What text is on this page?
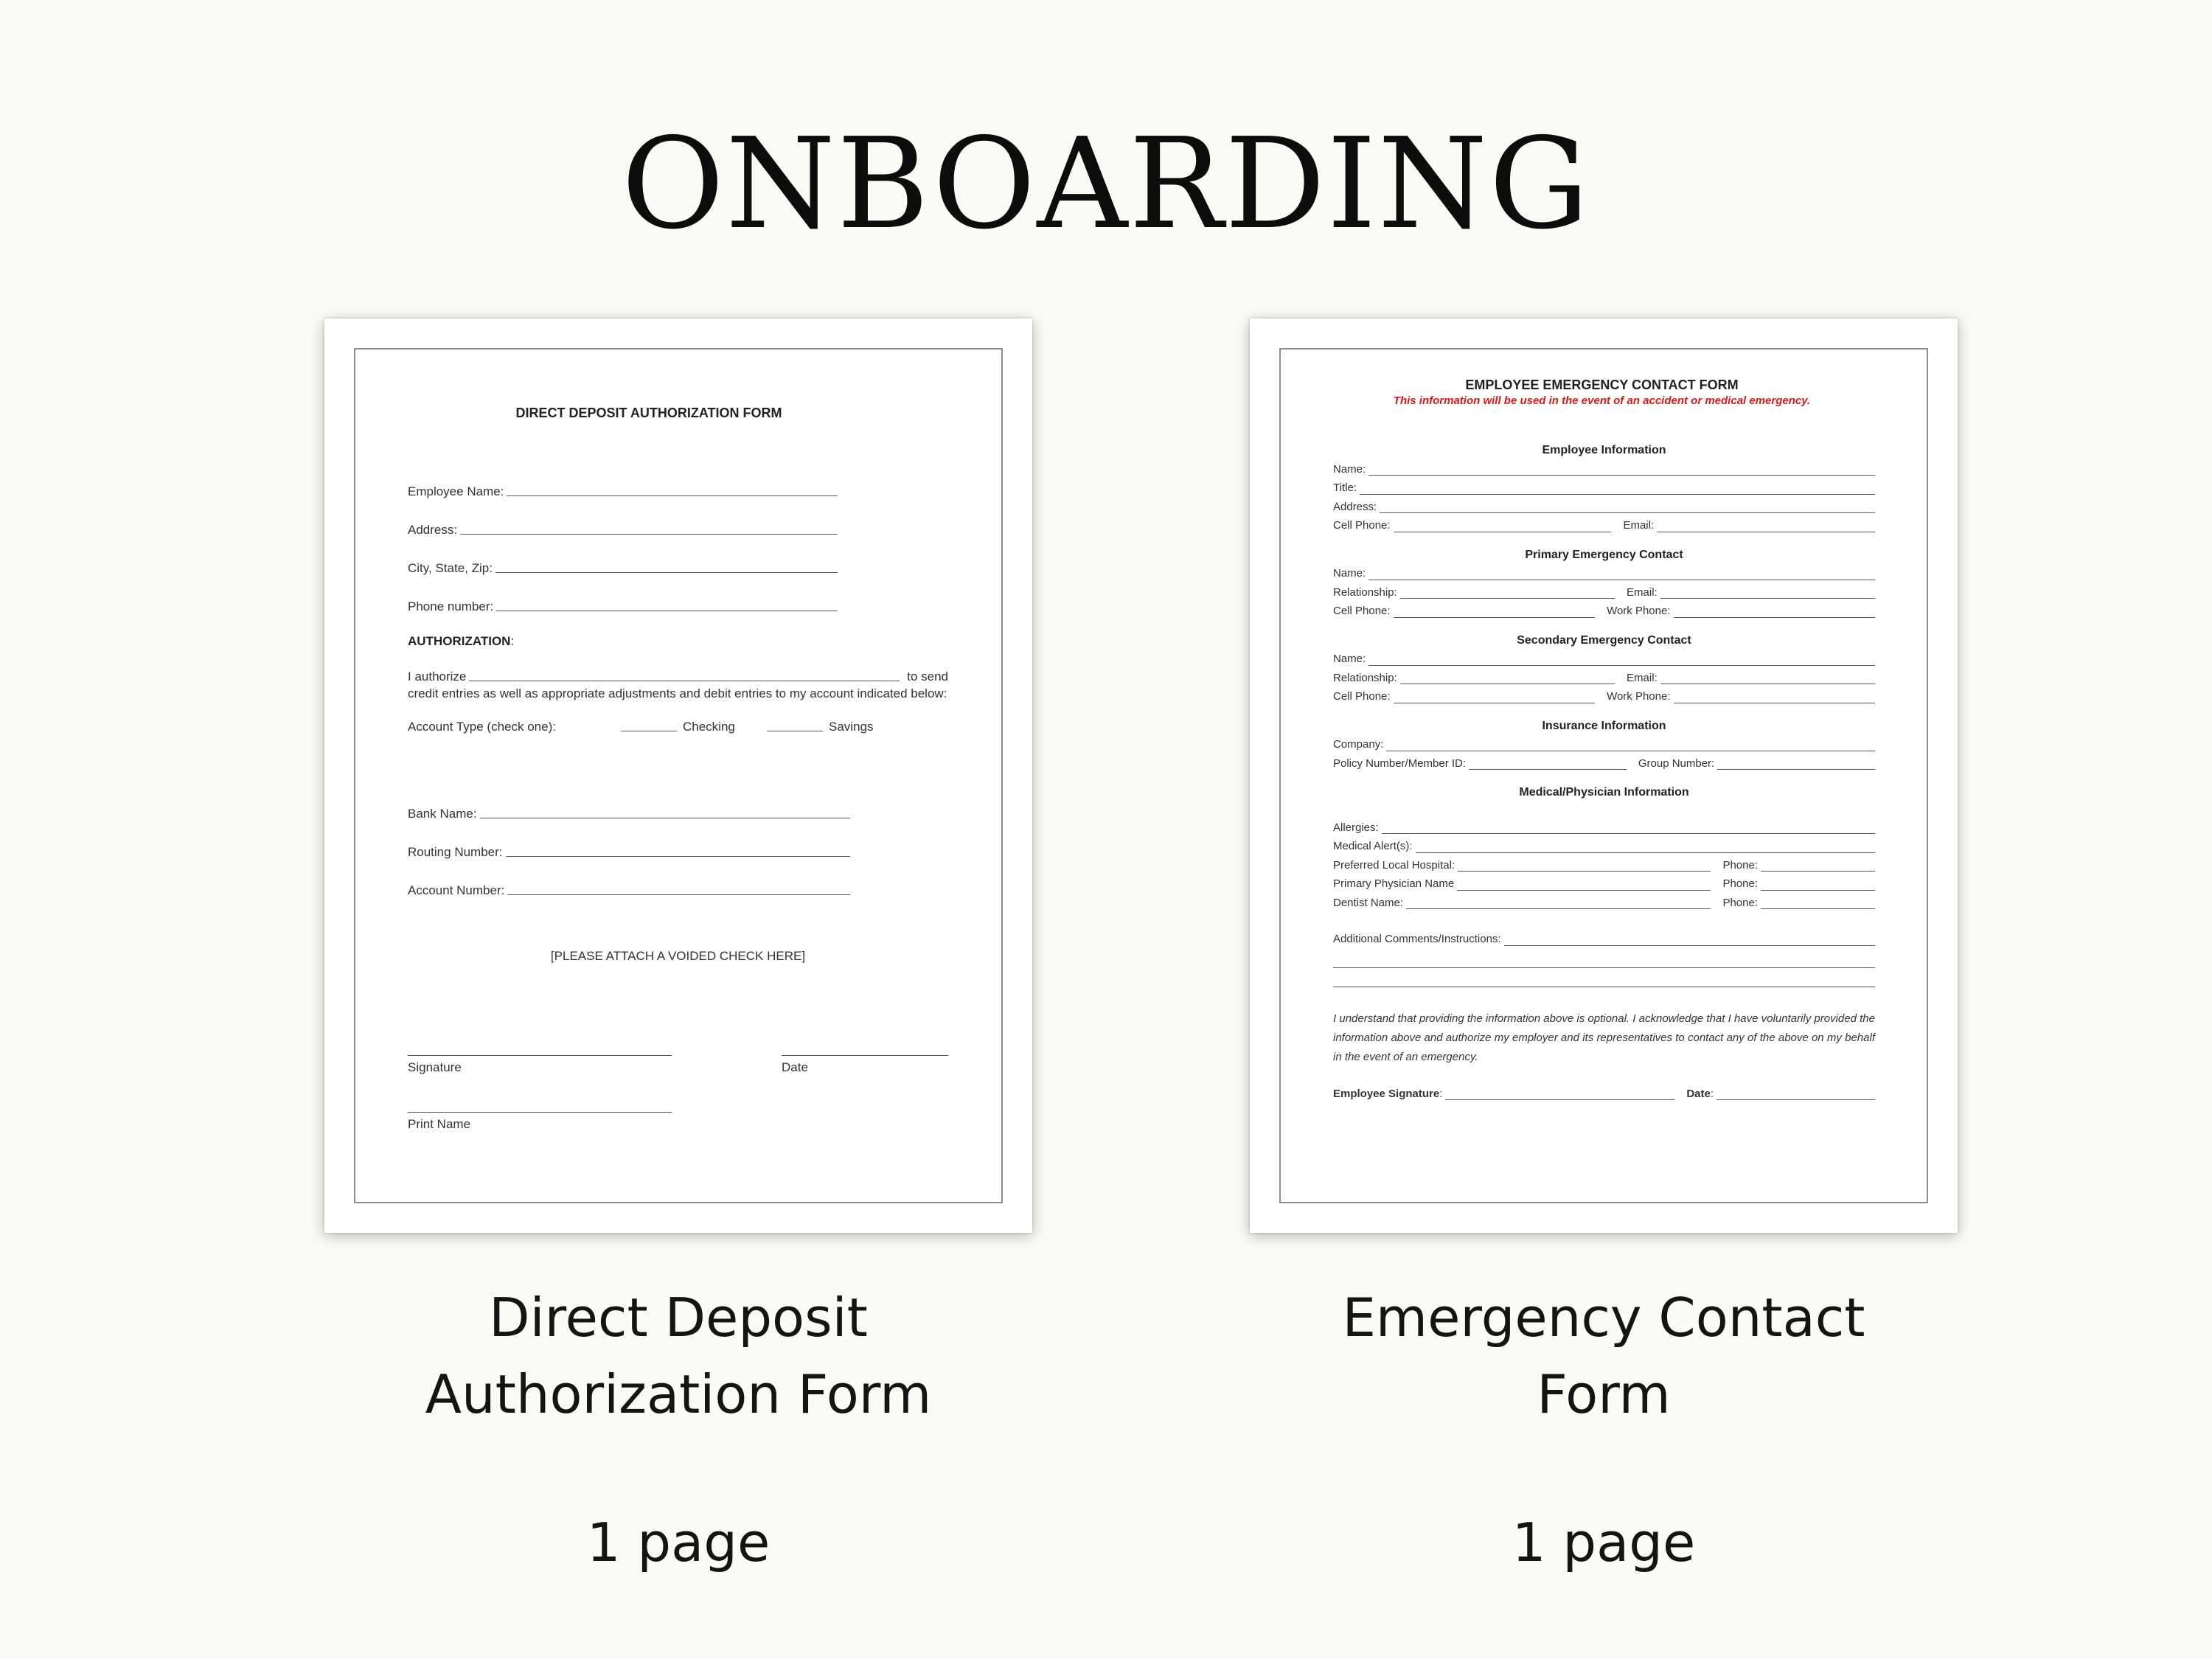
ONBOARDING
DIRECT DEPOSIT AUTHORIZATION FORM
Employee Name:
Address:
City, State, Zip:
Phone number:
AUTHORIZATION:
I authorize	to send
credit entries as well as appropriate adjustments and debit entries to my account indicated below:
Account Type (check one):	Checking	Savings
Bank Name:
Routing Number:
Account Number:
[PLEASE ATTACH A VOIDED CHECK HERE]
Signature	Date
Print Name
EMPLOYEE EMERGENCY CONTACT FORM
This information will be used in the event of an accident or medical emergency.
Employee Information
Name:
Title:
Address:
Cell Phone:	Email:
Primary Emergency Contact
Name:
Relationship:	Email:
Cell Phone:	Work Phone:
Secondary Emergency Contact
Name:
Relationship:	Email:
Cell Phone:	Work Phone:
Insurance Information
Company:
Policy Number/Member ID:	Group Number:
Medical/Physician Information
Allergies:
Medical Alert(s):
Preferred Local Hospital:	Phone:
Primary Physician Name	Phone:
Dentist Name:	Phone:
Additional Comments/Instructions:
I understand that providing the information above is optional. I acknowledge that I have voluntarily provided the information above and authorize my employer and its representatives to contact any of the above on my behalf in the event of an emergency.
Employee Signature :	Date :
Direct Deposit
Authorization Form
1 page
Emergency Contact
Form
1 page
